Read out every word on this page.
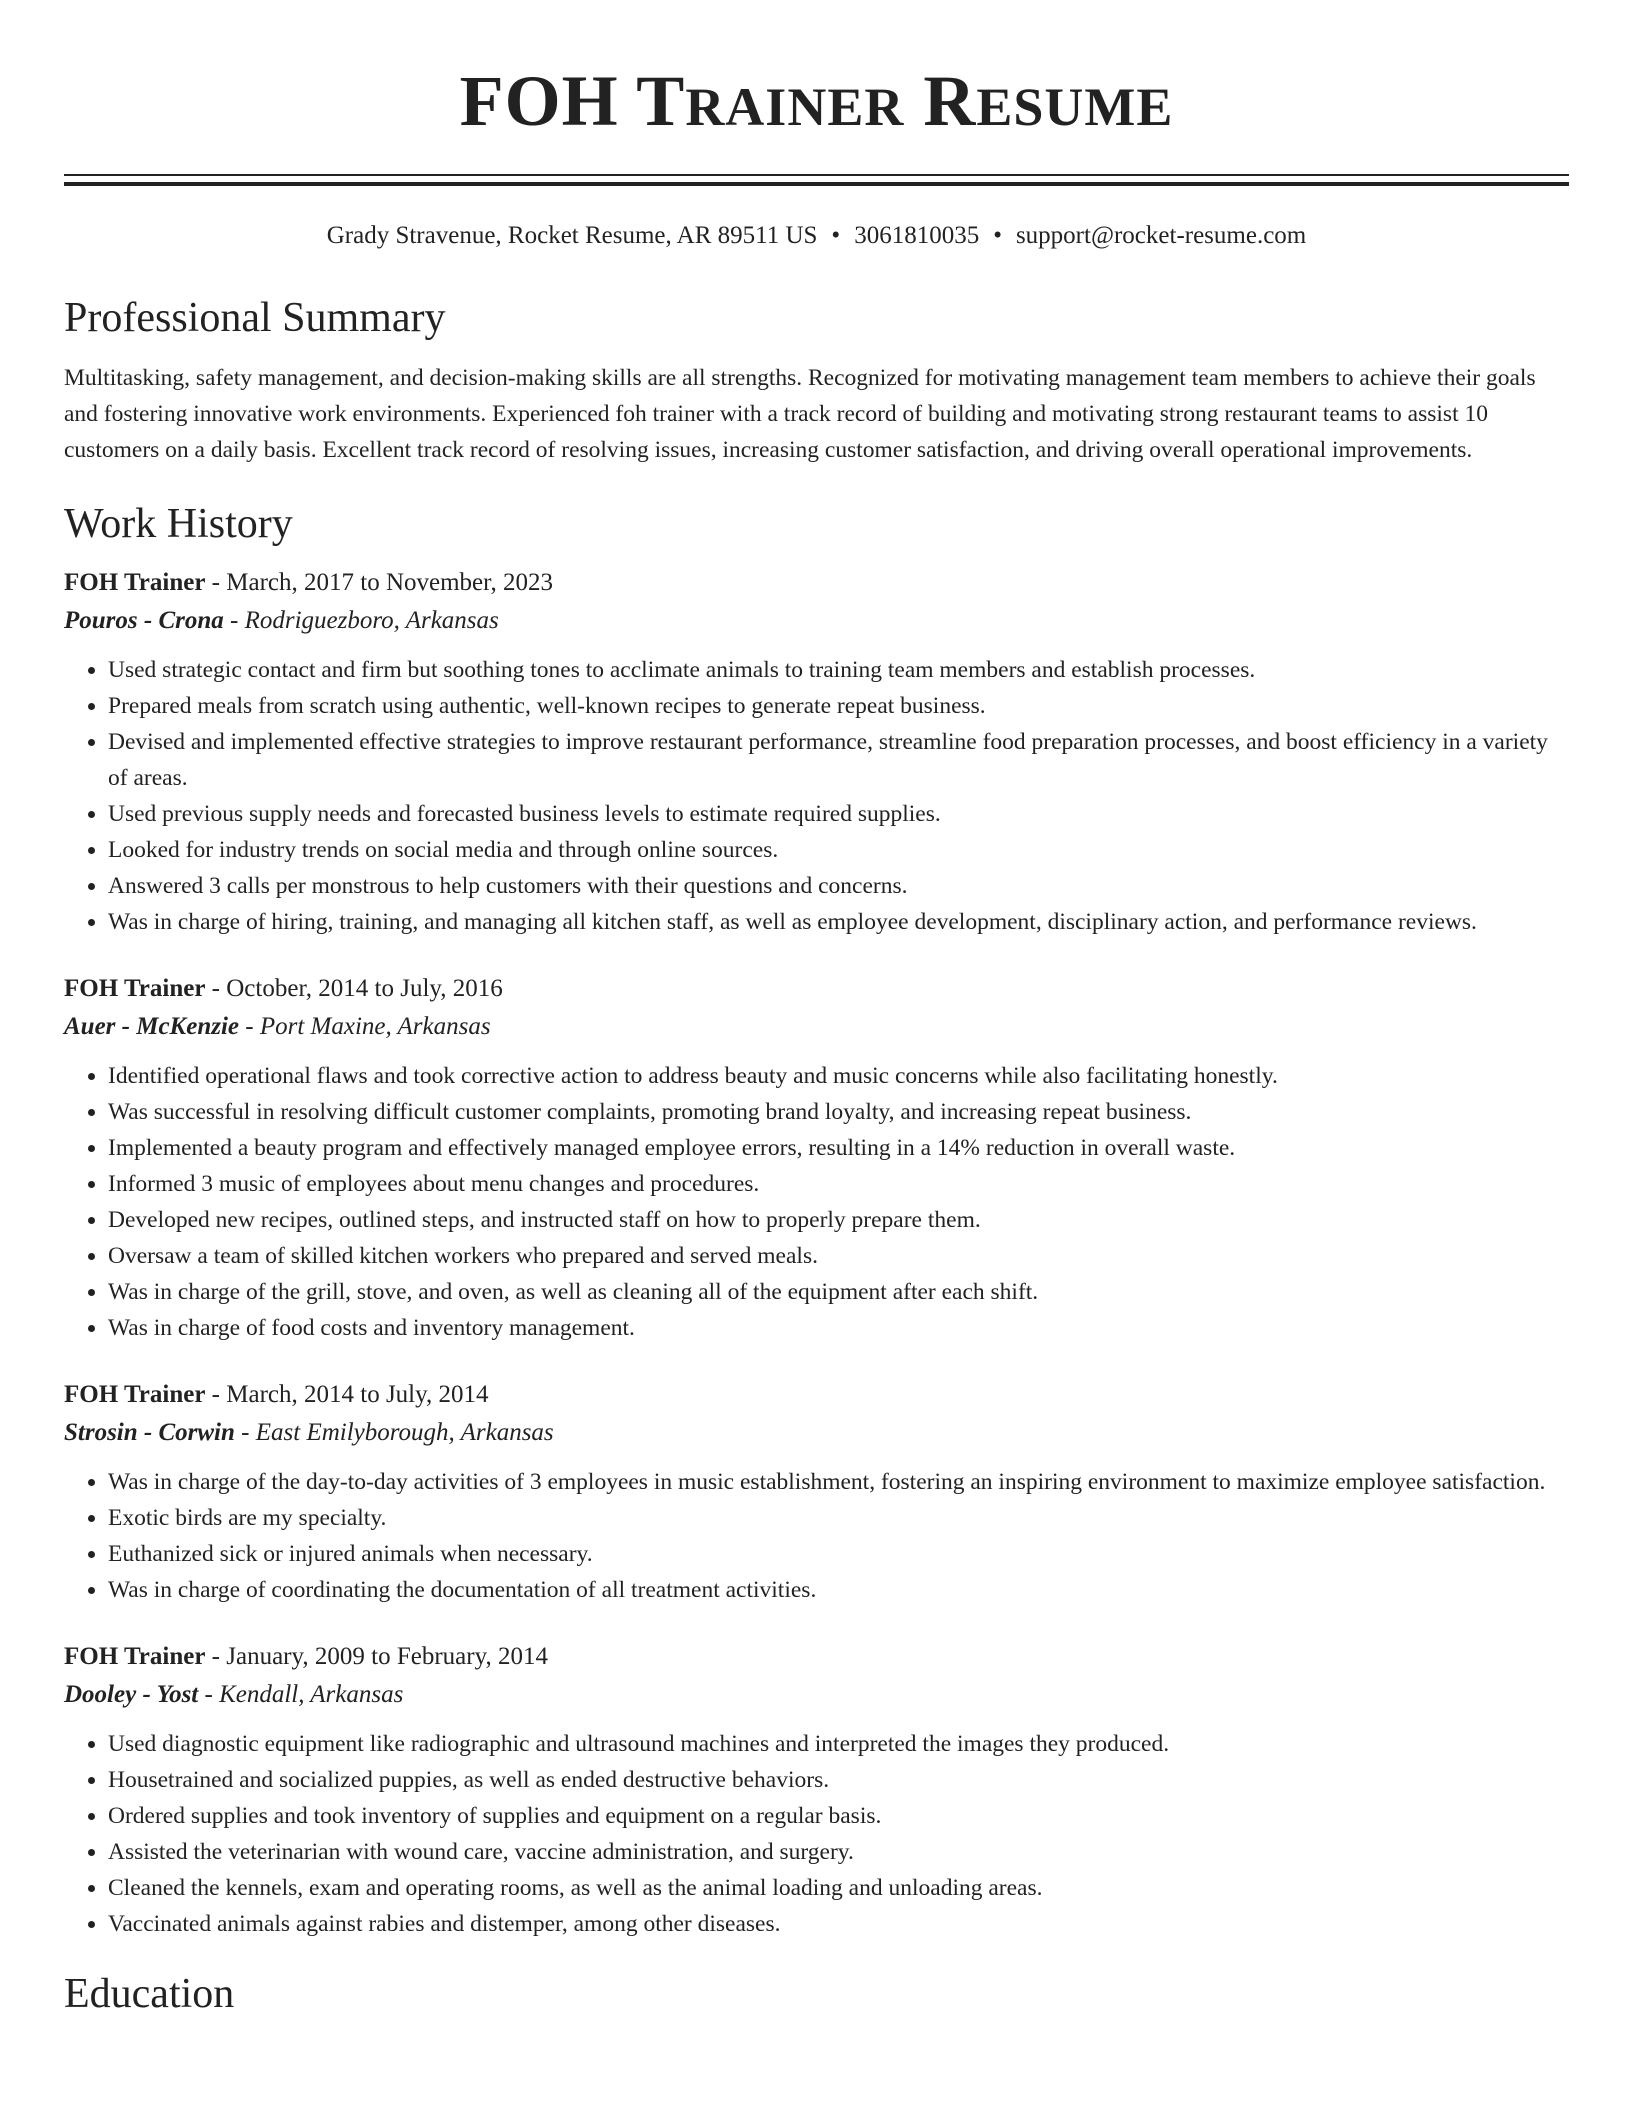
FOH TRAINER RESUME
Grady Stravenue, Rocket Resume, AR 89511 US • 3061810035 • support@rocket-resume.com
Professional Summary
Multitasking, safety management, and decision-making skills are all strengths. Recognized for motivating management team members to achieve their goals and fostering innovative work environments. Experienced foh trainer with a track record of building and motivating strong restaurant teams to assist 10 customers on a daily basis. Excellent track record of resolving issues, increasing customer satisfaction, and driving overall operational improvements.
Work History
FOH Trainer - March, 2017 to November, 2023
Pouros - Crona - Rodriguezboro, Arkansas
• Used strategic contact and firm but soothing tones to acclimate animals to training team members and establish processes.
• Prepared meals from scratch using authentic, well-known recipes to generate repeat business.
• Devised and implemented effective strategies to improve restaurant performance, streamline food preparation processes, and boost efficiency in a variety of areas.
• Used previous supply needs and forecasted business levels to estimate required supplies.
• Looked for industry trends on social media and through online sources.
• Answered 3 calls per monstrous to help customers with their questions and concerns.
• Was in charge of hiring, training, and managing all kitchen staff, as well as employee development, disciplinary action, and performance reviews.
FOH Trainer - October, 2014 to July, 2016
Auer - McKenzie - Port Maxine, Arkansas
• Identified operational flaws and took corrective action to address beauty and music concerns while also facilitating honestly.
• Was successful in resolving difficult customer complaints, promoting brand loyalty, and increasing repeat business.
• Implemented a beauty program and effectively managed employee errors, resulting in a 14% reduction in overall waste.
• Informed 3 music of employees about menu changes and procedures.
• Developed new recipes, outlined steps, and instructed staff on how to properly prepare them.
• Oversaw a team of skilled kitchen workers who prepared and served meals.
• Was in charge of the grill, stove, and oven, as well as cleaning all of the equipment after each shift.
• Was in charge of food costs and inventory management.
FOH Trainer - March, 2014 to July, 2014
Strosin - Corwin - East Emilyborough, Arkansas
• Was in charge of the day-to-day activities of 3 employees in music establishment, fostering an inspiring environment to maximize employee satisfaction.
• Exotic birds are my specialty.
• Euthanized sick or injured animals when necessary.
• Was in charge of coordinating the documentation of all treatment activities.
FOH Trainer - January, 2009 to February, 2014
Dooley - Yost - Kendall, Arkansas
• Used diagnostic equipment like radiographic and ultrasound machines and interpreted the images they produced.
• Housetrained and socialized puppies, as well as ended destructive behaviors.
• Ordered supplies and took inventory of supplies and equipment on a regular basis.
• Assisted the veterinarian with wound care, vaccine administration, and surgery.
• Cleaned the kennels, exam and operating rooms, as well as the animal loading and unloading areas.
• Vaccinated animals against rabies and distemper, among other diseases.
Education
